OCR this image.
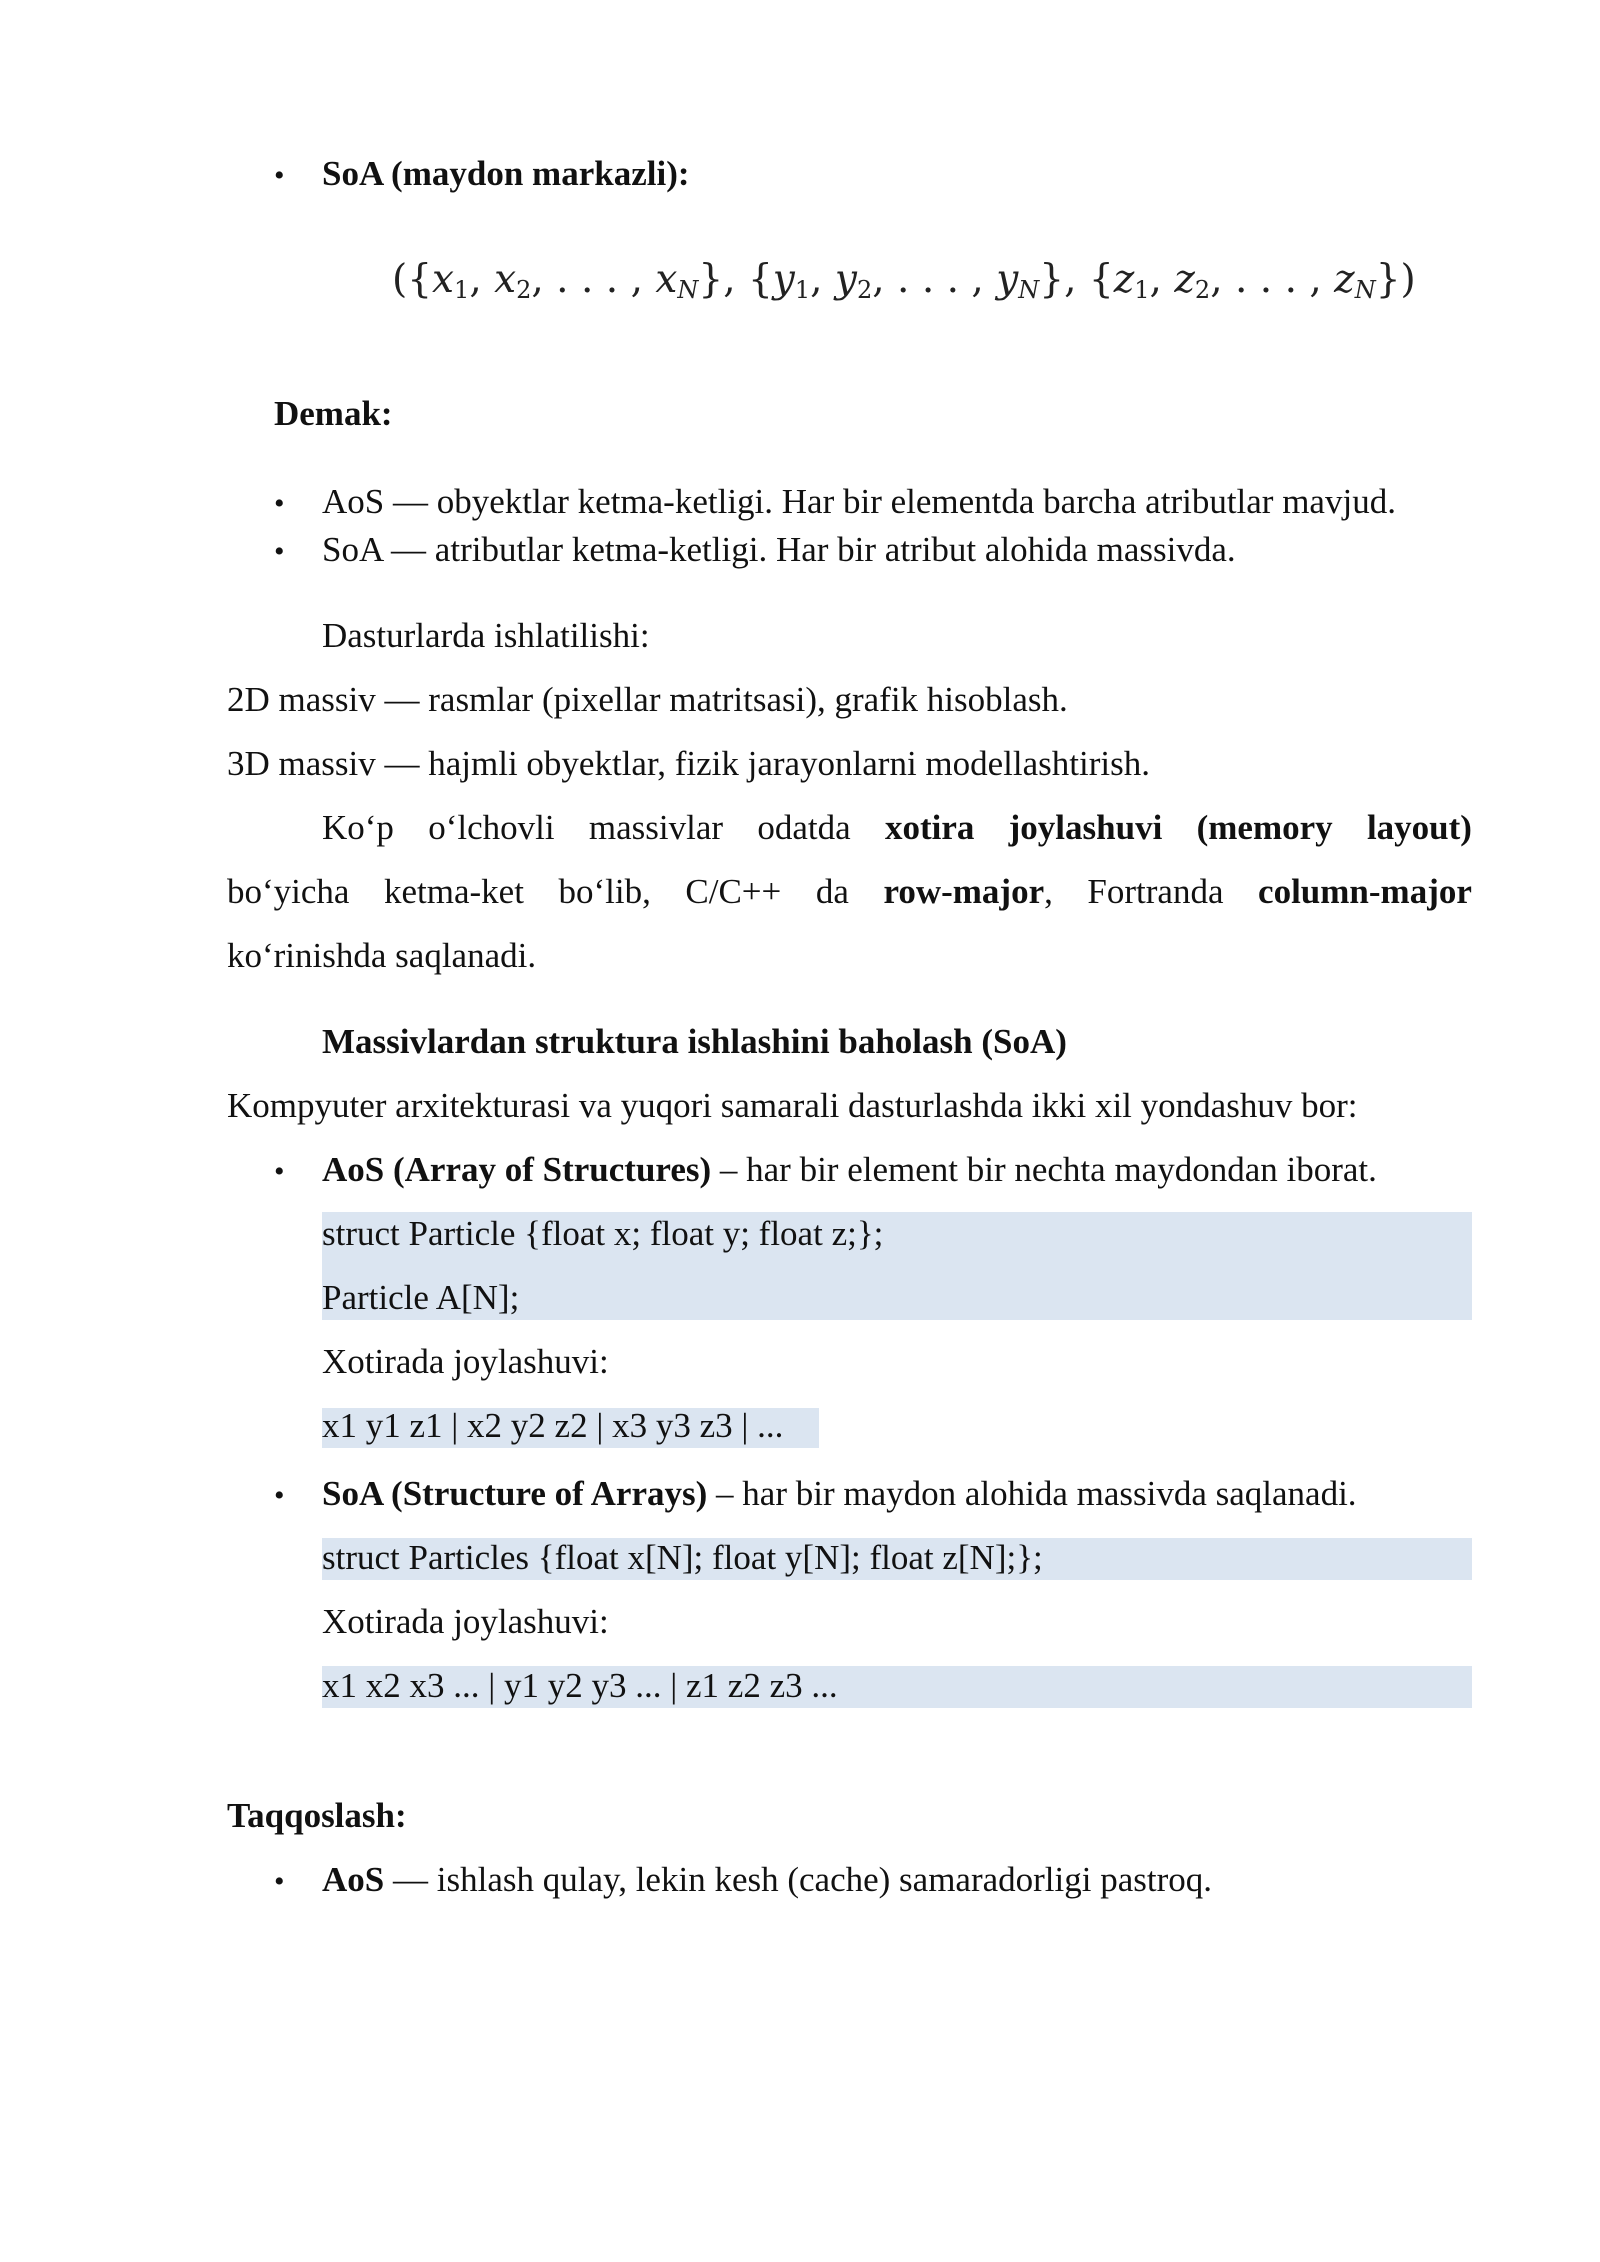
• SoA (maydon markazli):
({$x_1$, $x_2$, . . . , $x_N$}, {$y_1$, $y_2$, . . . , $y_N$}, {$z_1$, $z_2$, . . . , $z_N$})
Demak:
• AoS — obyektlar ketma-ketligi. Har bir elementda barcha atributlar mavjud.
• SoA — atributlar ketma-ketligi. Har bir atribut alohida massivda.
Dasturlarda ishlatilishi:
2D massiv — rasmlar (pixellar matritsasi), grafik hisoblash.
3D massiv — hajmli obyektlar, fizik jarayonlarni modellashtirish.
Ko‘p o‘lchovli massivlar odatda xotira joylashuvi (memory layout)
bo‘yicha ketma-ket bo‘lib, C/C++ da row-major, Fortranda column-major
ko‘rinishda saqlanadi.
Massivlardan struktura ishlashini baholash (SoA)
Kompyuter arxitekturasi va yuqori samarali dasturlashda ikki xil yondashuv bor:
• AoS (Array of Structures) – har bir element bir nechta maydondan iborat.
struct Particle {float x; float y; float z;};
Particle A[N];
Xotirada joylashuvi:
x1 y1 z1 | x2 y2 z2 | x3 y3 z3 | ...
• SoA (Structure of Arrays) – har bir maydon alohida massivda saqlanadi.
struct Particles {float x[N]; float y[N]; float z[N];};
Xotirada joylashuvi:
x1 x2 x3 ... | y1 y2 y3 ... | z1 z2 z3 ...
Taqqoslash:
• AoS — ishlash qulay, lekin kesh (cache) samaradorligi pastroq.
